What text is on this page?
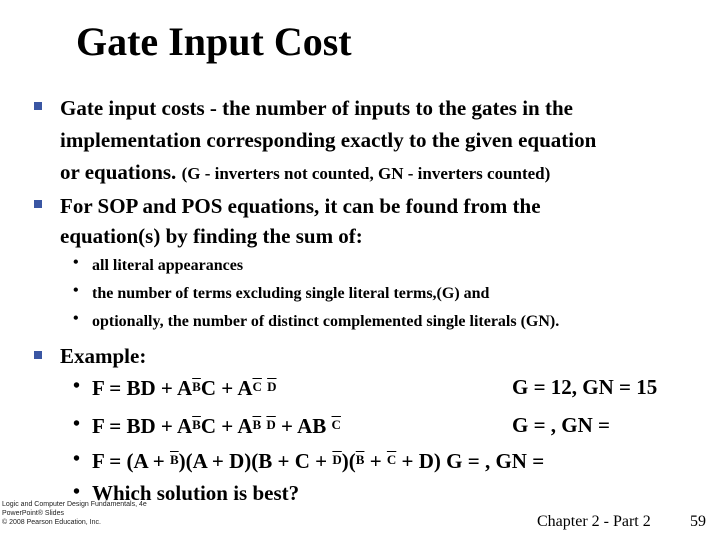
Gate Input Cost
Gate input costs - the number of inputs to the gates in the
implementation corresponding exactly to the given equation
or equations. (G - inverters not counted, GN - inverters counted)
For SOP and POS equations, it can be found from the
equation(s) by finding the sum of:
• all literal appearances
• the number of terms excluding single literal terms,(G) and
• optionally, the number of distinct complemented single literals (GN).
Example:
• F = BD + $A\overline{B}C + A\overline{C}$ $\overline{D}$	G = 12, GN = 15
• F = BD + $A\overline{B}C + A\overline{B}$ $\overline{D}$ + AB $\overline{C}$	G = , GN =
• $F = (A + \overline{B})(A + D)(B + C + \overline{D})(\overline{B} + \overline{C} + D)$ G = , GN =
• Which solution is best?
Logic and Computer Design Fundamentals, 4e
PowerPoint® Slides
© 2008 Pearson Education, Inc.	Chapter 2 - Part 2 59
